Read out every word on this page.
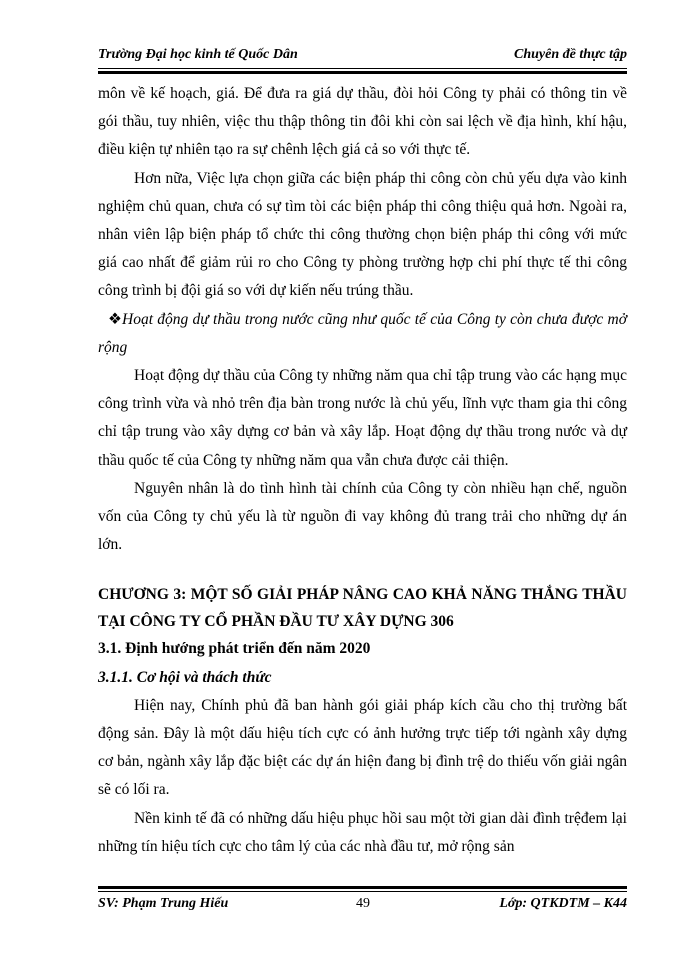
Trường Đại học kinh tế Quốc Dân	Chuyên đề thực tập

môn về kế hoạch, giá. Để đưa ra giá dự thầu, đòi hỏi Công ty phải có thông tin về gói thầu, tuy nhiên, việc thu thập thông tin đôi khi còn sai lệch về địa hình, khí hậu, điều kiện tự nhiên tạo ra sự chênh lệch giá cả so với thực tế.

Hơn nữa, Việc lựa chọn giữa các biện pháp thi công còn chủ yếu dựa vào kinh nghiệm chủ quan, chưa có sự tìm tòi các biện pháp thi công thiệu quả hơn. Ngoài ra, nhân viên lập biện pháp tổ chức thi công thường chọn biện pháp thi công với mức giá cao nhất để giảm rủi ro cho Công ty phòng trường hợp chi phí thực tế thi công công trình bị đội giá so với dự kiến nếu trúng thầu.

❖Hoạt động dự thầu trong nước cũng như quốc tế của Công ty còn chưa được mở rộng

Hoạt động dự thầu của Công ty những năm qua chỉ tập trung vào các hạng mục công trình vừa và nhỏ trên địa bàn trong nước là chủ yếu, lĩnh vực tham gia thi công chỉ tập trung vào xây dựng cơ bản và xây lắp. Hoạt động dự thầu trong nước và dự thầu quốc tế của Công ty những năm qua vẫn chưa được cải thiện.

Nguyên nhân là do tình hình tài chính của Công ty còn nhiều hạn chế, nguồn vốn của Công ty chủ yếu là từ nguồn đi vay không đủ trang trải cho những dự án lớn.

CHƯƠNG 3: MỘT SỐ GIẢI PHÁP NÂNG CAO KHẢ NĂNG THẮNG THẦU TẠI CÔNG TY CỔ PHẦN ĐẦU TƯ XÂY DỰNG 306

3.1. Định hướng phát triển đến năm 2020

3.1.1. Cơ hội và thách thức

Hiện nay, Chính phủ đã ban hành gói giải pháp kích cầu cho thị trường bất động sản. Đây là một dấu hiệu tích cực có ảnh hưởng trực tiếp tới ngành xây dựng cơ bản, ngành xây lắp đặc biệt các dự án hiện đang bị đình trệ do thiếu vốn giải ngân sẽ có lối ra.

Nền kinh tế đã có những dấu hiệu phục hồi sau một tời gian dài đình trệđem lại những tín hiệu tích cực cho tâm lý của các nhà đầu tư, mở rộng sản

SV: Phạm Trung Hiếu	49	Lớp: QTKDTM – K44
